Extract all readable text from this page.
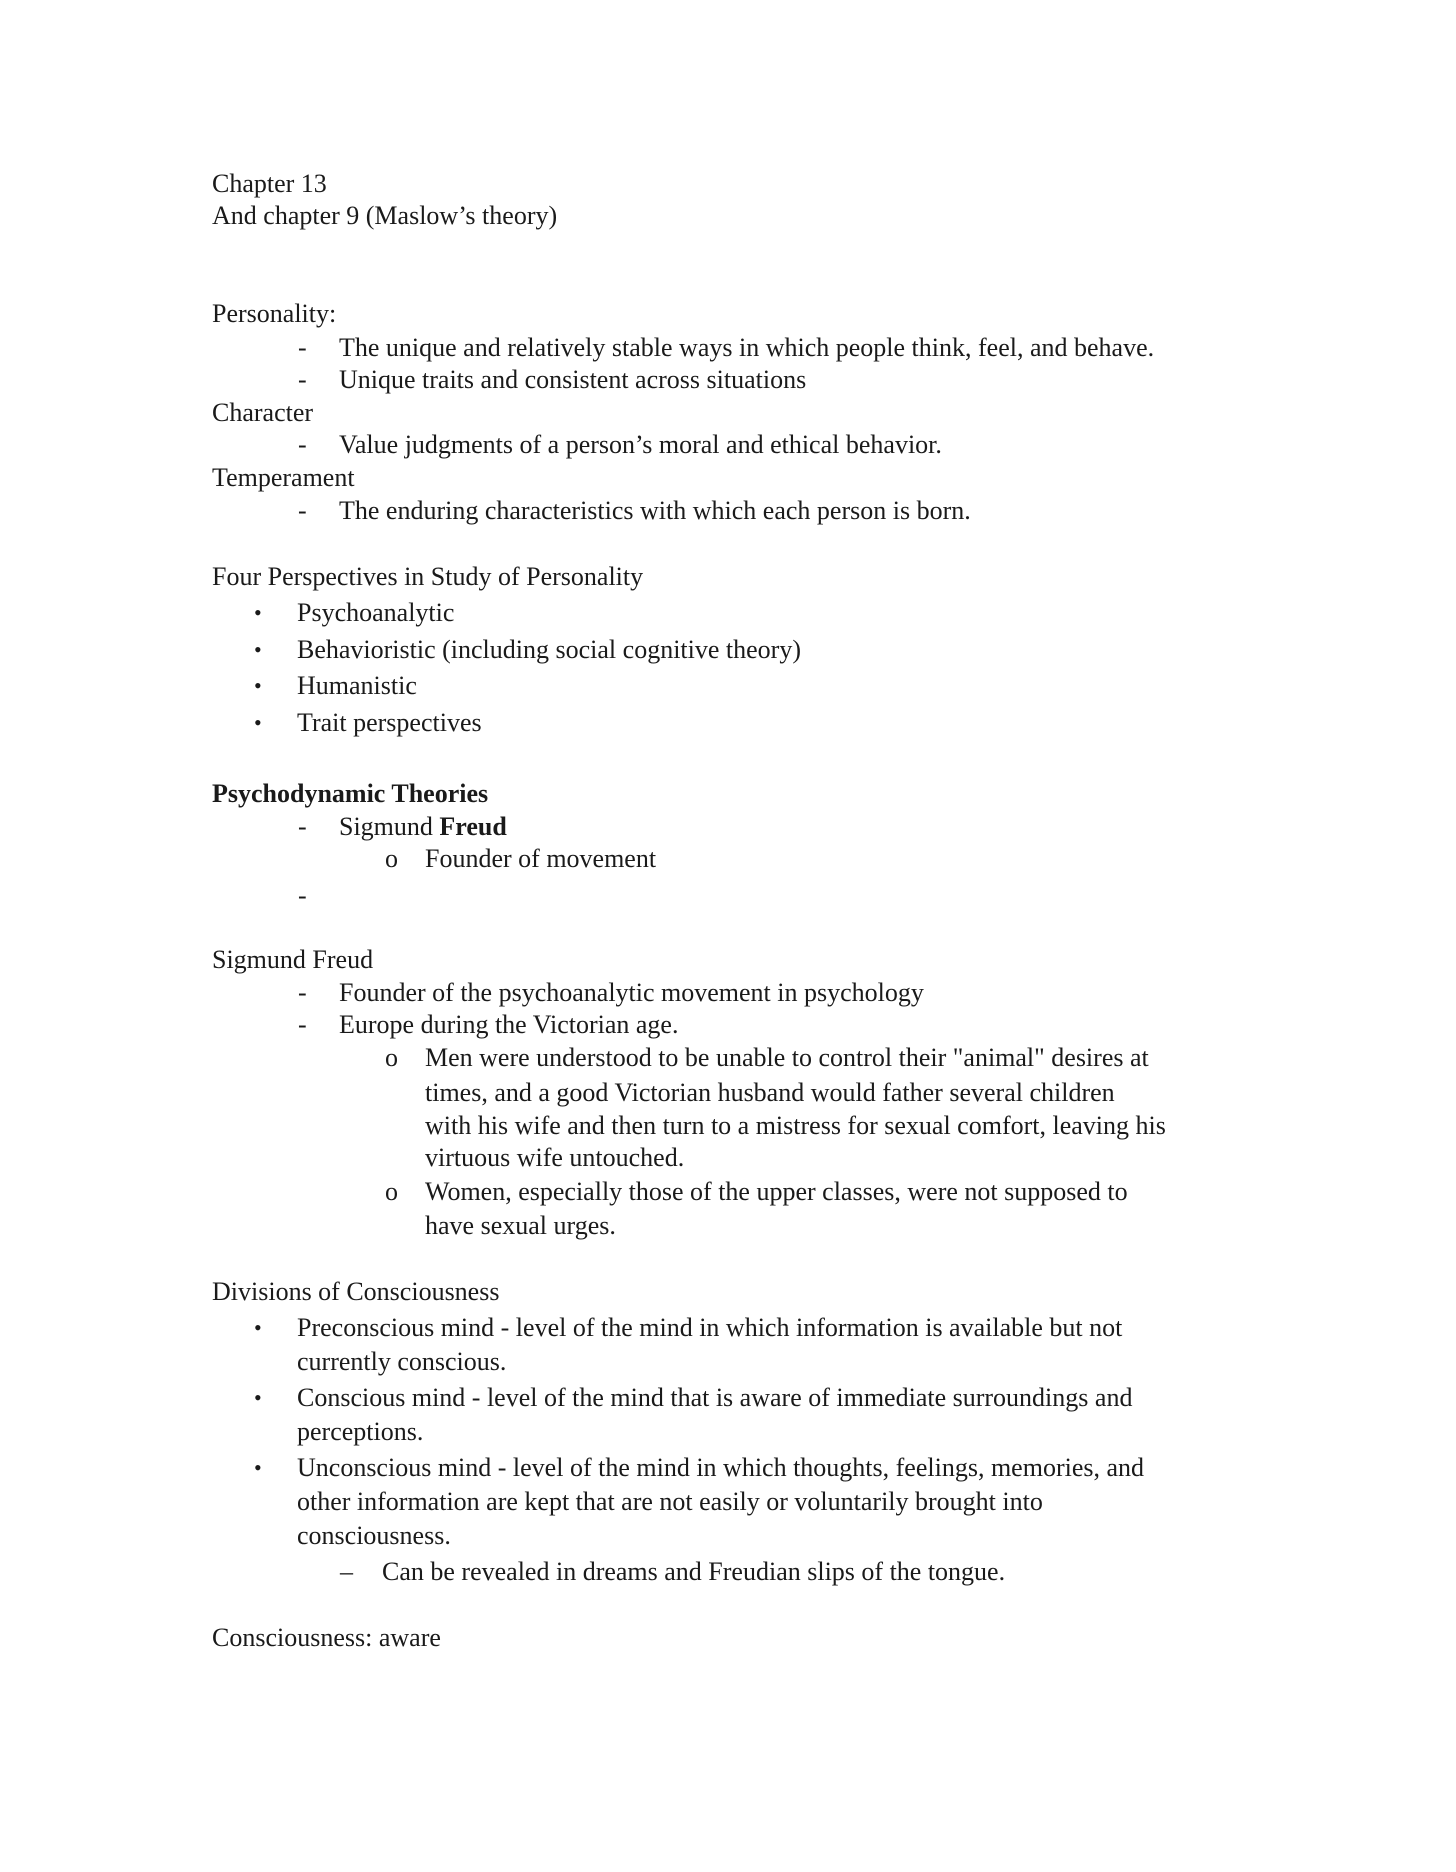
Chapter 13
And chapter 9 (Maslow’s theory)
Personality:
- The unique and relatively stable ways in which people think, feel, and behave.
- Unique traits and consistent across situations
Character
- Value judgments of a person’s moral and ethical behavior.
Temperament
- The enduring characteristics with which each person is born.
Four Perspectives in Study of Personality
• Psychoanalytic
• Behavioristic (including social cognitive theory)
• Humanistic
• Trait perspectives
Psychodynamic Theories
- Sigmund Freud
o Founder of movement
-
Sigmund Freud
- Founder of the psychoanalytic movement in psychology
- Europe during the Victorian age.
o Men were understood to be unable to control their "animal" desires at
times, and a good Victorian husband would father several children
with his wife and then turn to a mistress for sexual comfort, leaving his
virtuous wife untouched.
o Women, especially those of the upper classes, were not supposed to
have sexual urges.
Divisions of Consciousness
• Preconscious mind - level of the mind in which information is available but not
currently conscious.
• Conscious mind - level of the mind that is aware of immediate surroundings and
perceptions.
• Unconscious mind - level of the mind in which thoughts, feelings, memories, and
other information are kept that are not easily or voluntarily brought into
consciousness.
– Can be revealed in dreams and Freudian slips of the tongue.
Consciousness: aware
